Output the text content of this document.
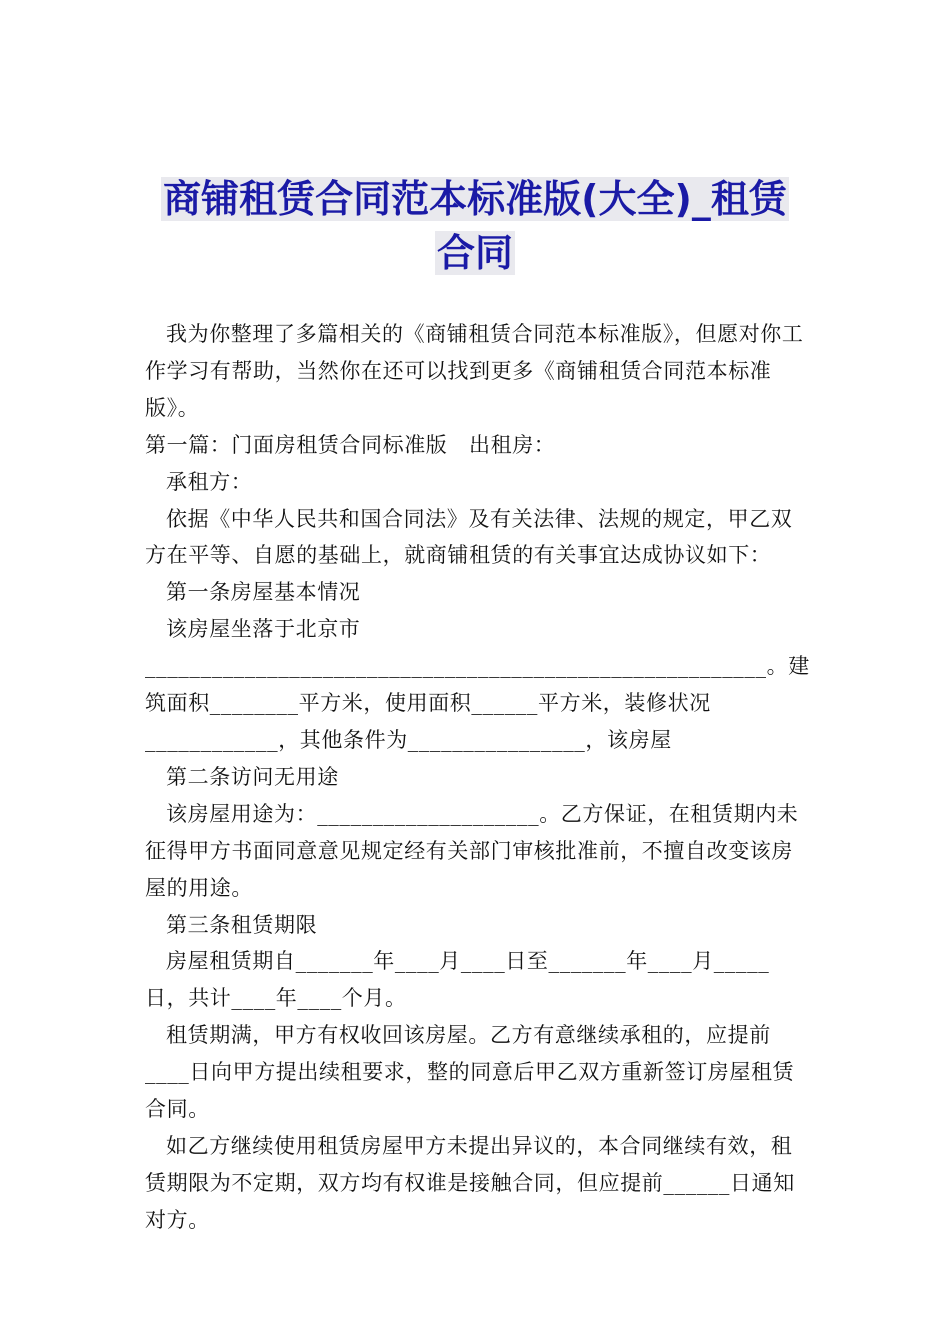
商铺租赁合同范本标准版(大全)_租赁
合同

我为你整理了多篇相关的《商铺租赁合同范本标准版》，但愿对你工作学习有帮助，当然你在还可以找到更多《商铺租赁合同范本标准版》。

第一篇：门面房租赁合同标准版　出租房：

承租方：

依据《中华人民共和国合同法》及有关法律、法规的规定，甲乙双方在平等、自愿的基础上，就商铺租赁的有关事宜达成协议如下：

第一条房屋基本情况

该房屋坐落于北京市________________________________________________________。建筑面积________平方米，使用面积______平方米，装修状况____________，其他条件为________________，该房屋

第二条访问无用途

该房屋用途为：____________________。乙方保证，在租赁期内未征得甲方书面同意意见规定经有关部门审核批准前，不擅自改变该房屋的用途。

第三条租赁期限

房屋租赁期自_______年____月____日至_______年____月_____日，共计____年____个月。

租赁期满，甲方有权收回该房屋。乙方有意继续承租的，应提前____日向甲方提出续租要求，整的同意后甲乙双方重新签订房屋租赁合同。

如乙方继续使用租赁房屋甲方未提出异议的，本合同继续有效，租赁期限为不定期，双方均有权谁是接触合同，但应提前______日通知对方。
